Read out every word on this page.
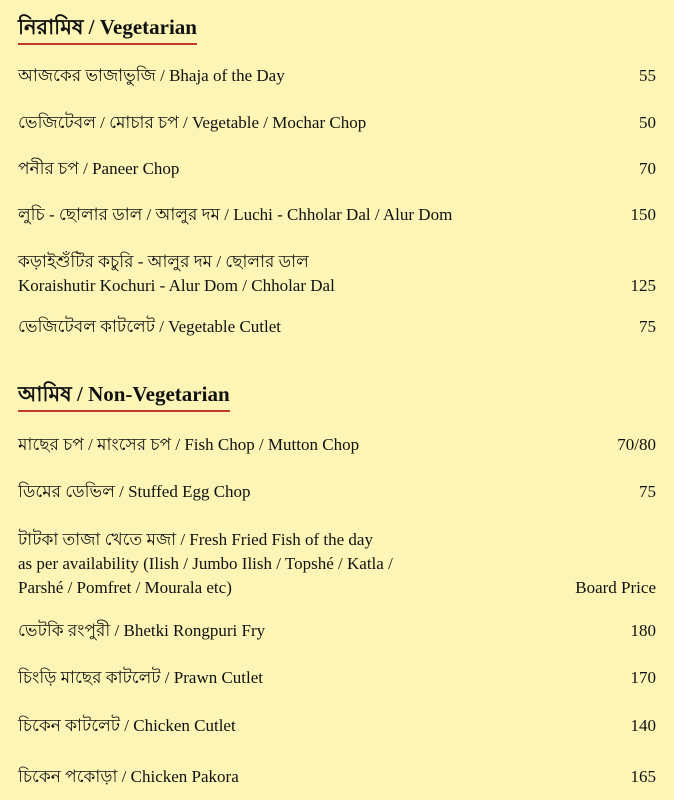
নিরামিষ / Vegetarian
আজকের ভাজাভুজি / Bhaja of the Day	55
ভেজিটেবল / মোচার চপ / Vegetable / Mochar Chop	50
পনীর চপ / Paneer Chop	70
লুচি - ছোলার ডাল / আলুর দম / Luchi - Chholar Dal / Alur Dom	150
কড়াইশুঁটির কচুরি - আলুর দম / ছোলার ডাল
Koraishutir Kochuri - Alur Dom / Chholar Dal	125
ভেজিটেবল কাটলেট / Vegetable Cutlet	75
আমিষ / Non-Vegetarian
মাছের চপ / মাংসের চপ / Fish Chop / Mutton Chop	70/80
ডিমের ডেভিল / Stuffed Egg Chop	75
টাটকা তাজা খেতে মজা / Fresh Fried Fish of the day
as per availability (Ilish / Jumbo Ilish / Topshé / Katla /
Parshé / Pomfret / Mourala etc)	Board Price
ভেটকি রংপুরী / Bhetki Rongpuri Fry	180
চিংড়ি মাছের কাটলেট / Prawn Cutlet	170
চিকেন কাটলেট / Chicken Cutlet	140
চিকেন পকোড়া / Chicken Pakora	165
